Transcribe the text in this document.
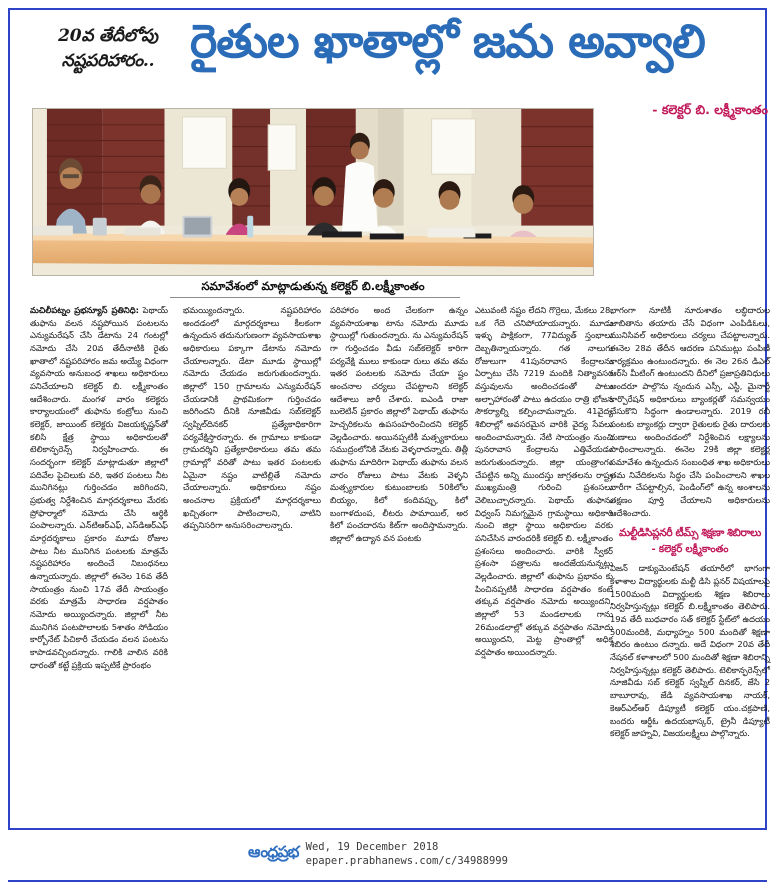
20వ తేదీలోపు
నష్టపరిహారం.. రైతుల ఖాతాల్లో జమ అవ్వాలి
- కలెక్టర్ బి. లక్ష్మీకాంతం
సమావేశంలో మాట్లాడుతున్న కలెక్టర్ బి.లక్ష్మీకాంతం

మచిలీపట్నం ప్రభన్యూస్ ప్రతినిధి: పెథాయ్ తుఫాను వలన నష్టపోయిన పంటలను ఎన్యుమరేషన్ చేసి డేటాను 24 గంటల్లో నమోదు చేసి 20వ తేదీనాటికి రైతు ఖాతాలో నష్టపరిహారం జమ అయ్యే విధంగా వ్యవసాయ అనుబంధ శాఖలు అధికారులు పనిచేయాలని కలెక్టర్ బి. లక్ష్మీకాంతం ఆదేశించారు. మంగళ వారం కలెక్టరు కార్యాలయంలో తుఫాను కంట్రోలు నుంచి కలెక్టర్, జాయింట్ కలెక్టరు విజయకృష్ణన్‌తో కలిసి క్షేత్ర స్థాయి అధికారులతో టెలికాన్ఫరెన్స్ నిర్వహించారు. ఈ సందర్భంగా కలెక్టర్ మాట్లాడుతూ జిల్లాలో పదివేల పైచిలుకు వరి, ఇతర పంటలు నీట మునిగినట్లు గుర్తించడం జరిగిందని, ప్రభుత్వ నిర్దేశించిన మార్గదర్శకాలు మేరకు ప్రోఫార్మాలో నమోదు చేసి ఆర్థికి పంపాలన్నారు. ఎన్‌టిఆర్‌ఎఫ్, ఎస్‌డిఆర్‌ఎఫ్ మార్గదర్శకాలు ప్రకారం మూడు రోజుల పాటు నీట మునిగిన పంటలకు మాత్రమే నష్టపరిహారం అందించే నిబంధనలు ఉన్నాయన్నారు. జిల్లాలో ఈనెల 16వ తేదీ సాయంత్రం నుంచి 17వ తేదీ సాయంత్రం వరకు మాత్రమే సాధారణ వర్షపాతం నమోదు అయ్యిందన్నారు. జిల్లాలో నీట మునిగిన పంటపొలాలకు 5శాతం సోడియం కార్బోనేట్ పిచికారీ చేయడం వలన పంటను కాపాడవచ్చిందన్నారు. గాలికి వాలిన వరికి ధారంతో కట్టే ప్రక్రియ ఇప్పటికే ప్రారంభం

భమయ్యిందన్నారు. నష్టపరిహారం అందడంలో మార్గదర్శకాలు కీలకంగా ఉన్నందున తదునుగుణంగా వ్యవసాయశాఖ అధికారులు పక్కాగా డేటాను నమోదు చేయాలన్నారు. డేటా మూడు స్థాయిల్లో నమోదు చేయడం జరుగుతుందన్నారు. జిల్లాలో 150 గ్రామాలను ఎన్యుమరేషన్ చేయడానికి ప్రాథమికంగా గుర్తించడం జరిగిందని దీనికి నూజివీడు సబ్‌కలెక్టర్ స్వప్నిల్‌దినకర్ ప్రత్యేకాధికారిగా పర్యవేక్షిస్తారన్నారు. ఈ గ్రామాలు కాకుండా గ్రామదర్శిని ప్రత్యేకాధికారులు తమ తమ గ్రామాల్లో వరితో పాటు ఇతర పంటలకు ఏమైనా నష్టం వాటిల్లితే నమోదు చేయాలన్నారు. అధికారులు నష్టం అంచనాల ప్రక్రియలో మార్గదర్శకాలు ఖచ్చితంగా పాటించాలని, వాటిని తప్పనిసరిగా అనుసరించాలన్నారు.

పరిహారం అంద చేలకంగా ఉన్నం వ్యవసాయశాఖ టాను నమోదు మూడు స్థాయిల్లో గుతుందన్నారు. ను ఎన్యుమరేషన్ గా గుర్తించడం వీడు సబ్‌కలెక్టర్ కారిగా పర్యవేక్షి ములు కాకుండా రులు తమ తమ ఇతర పంటలకు నమోదు చేయా ష్టం అంచనాల చర్యలు చేపట్టాలని కలెక్టర్ ఆదేశాలు జారీ చేశారు. ఐఎండి రాజా బులెటిన్ ప్రకారం జిల్లాలో పెథాయ్ తుఫాను హెచ్చరికలను ఉపసంహరించిందని కలెక్టర్ వెల్లడించారు. అయినప్పటికీ మత్స్యకారులు సముద్రంలోనికి వేటకు వెళ్ళరాదన్నారు. తిత్లీ తుఫాను మాదిరిగా పెథాయ్ తుఫాను వలన వారం రోజులు పాటు వేటకు వెళ్ళని మత్స్యకారుల కుటుంబాలకు 50కిలోల బియ్యం, కిలో కందివప్పు, కిలో బంగాళదుంప, లీటరు పామాయిల్, అర కిలో పంచదారను కిట్‌గా అందిస్తామన్నారు. జిల్లాలో ఉద్యాన వన పంటకు

ఎటువంటి నష్టం లేదని గొర్రెలు, మేకలు 28, ఒక గేదె చనిపోయాయన్నారు. మూడు ఇళ్ళు పాక్షికంగా, 77విద్యుత్ స్తంభాలు దెబ్బతిన్నాయన్నారు. గత నాలుగు రోజులుగా 41పునరావాస కేంద్రాలను ఏర్పాటు చేసి 7219 మందికి నిత్యావసర వస్తువులను అందించడంతో పాటు అల్పాహారంతో పాటు ఉదయం రాత్రి భోజన సౌకర్యాల్ని కల్పించామన్నారు. 41వైద్య శిబిరాల్లో అవసరమైన వారికి వైద్య సేవలు అందించామన్నారు. నేటి సాయంత్రం నుంచి పునరావాస కేంద్రాలను ఎత్తివేయడం జరుగుతుందన్నారు. జిల్లా యంత్రాంగం చేపట్టిన అన్ని ముందస్తు జాగ్రతలను రాష్ట్ర ముఖ్యమంత్రి గురించి ప్రశంసలు వెలిబుచ్చారన్నారు. పెథాయ్ తుఫాను విధ్వంస్ నిమగ్నమైన గ్రామస్థాయి అధికారి నుంచి జిల్లా స్థాయి అధికారుల వరకు పనిచేసిన వారందరికీ కలెక్టర్ బి. లక్ష్మీకాంతం ప్రశంసలు అందించారు. వారికి స్వీకర్ ప్రశంసా పత్రాలను అందజేయనున్నట్లు వెల్లడించారు. జిల్లాలో తుఫాను ప్రభావం కు పించినప్పటికీ సాధారణ వర్షపాతం కంటే తక్కువ వర్షపాతం నమోదు అయ్యిందని, జిల్లాలో 53 మండలాలకు గాను 26మండలాల్లో తక్కువ వర్షపాతం నమోదు అయ్యిందని, మెట్ట ప్రాంతాల్లో అధిక వర్షపాతం అయిందన్నారు.

భాగంగా నూటికీ నూరుశాతం లబ్ధిదారుల జాబితాను తయారు చేసే విధంగా ఎంపిడిఓలు, మునిసివల్ అధికారులు చర్యలు చేపట్టాలన్నారు. ఈనెల 28వ తేదీన ఆదరణ పనిముట్లు పంపిణీ కార్యక్రమం ఉంటుందన్నారు. ఈ నెల 26న డిఎల్ ఆర్‌సి మీటింగ్ ఉంటుందని దీనిలో ప్రజాప్రతినిధులు అందరూ పాల్గొను న్నందున ఎస్సీ, ఎస్టీ, మైనార్టీ కార్పొరేషన్ అధికారులు బ్యాంకర్లతో సమన్వయం చేసుకొని సిద్ధంగా ఉండాలన్నారు. 2019 రబీ పంటకు బ్యాంకర్లు ద్వారా రైతులకు రైతు దారులకు రుణాలు అందించడంలో నిర్దేశించిన లక్ష్యాలను సాధించాలన్నారు. ఈనెల 29కి జిల్లా కలెక్టర్ల సమావేశం ఉన్నందున సంబంధిత శాఖ అధికారులు తమ నివేదికలను సిద్ధం చేసి పంపించాలని శాఖల వారీగా చేపట్టాల్సిన, పెండింగ్‌లో ఉన్న అంశాలను తక్షణం పూర్తి చేయాలని అధికారులను ఆదేశించారు.

మల్టీడిసిప్లనరీ టీమ్స్ శిక్షణా శిబిరాలు
- కలెక్టర్ లక్ష్మీకాంతం

విజన్ డాక్యుమెంటేషన్ తయారీలో భాగంగా కళాశాల విద్యార్థులకు మల్టీ డిసి ప్లనర్ విషయాలపై 1500మంది విద్యార్థులకు శిక్షణ శిబిరాలు నిర్వహిస్తున్నట్లు కలెక్టర్ బి.లక్ష్మీకాంతం తెలిపారు. 19వ తేదీ బుధవారం సత్ కలెక్టర్ స్టేట్‌లో ఉదయం 500మందికి, మధ్యాహ్నం 500 మందితో శిక్షణా శిబిరం ఉంటుం దన్నారు. అదే విధంగా 20వ తేదీ నేషనల్ కళాశాలలో 500 మందితో శిక్షణా శిబిరాన్ని నిర్వహిస్తున్నట్లు కలెక్టర్ తెలిపారు. టెలికాన్ఫరెన్స్‌లో నూజివీడు సబ్ కలెక్టర్ స్వప్నిల్ దినకర్, జేసి 2 బాబూరావు, జేడి వ్యవసాయశాఖ నాయక్, కెఆర్‌ఎల్‌ఆర్ డిప్యూటీ కలెక్టర్ యం.చక్రపాణి, బందరు ఆర్డీఓ ఉదయభాస్కర్, ట్రైనీ డిప్యూటీ కలెక్టర్ జాహ్నవి, విజయలక్ష్మీలు పాల్గొన్నారు.

ఆంధ్రప్రభ Wed, 19 December 2018
epaper.prabhanews.com/c/34988999
